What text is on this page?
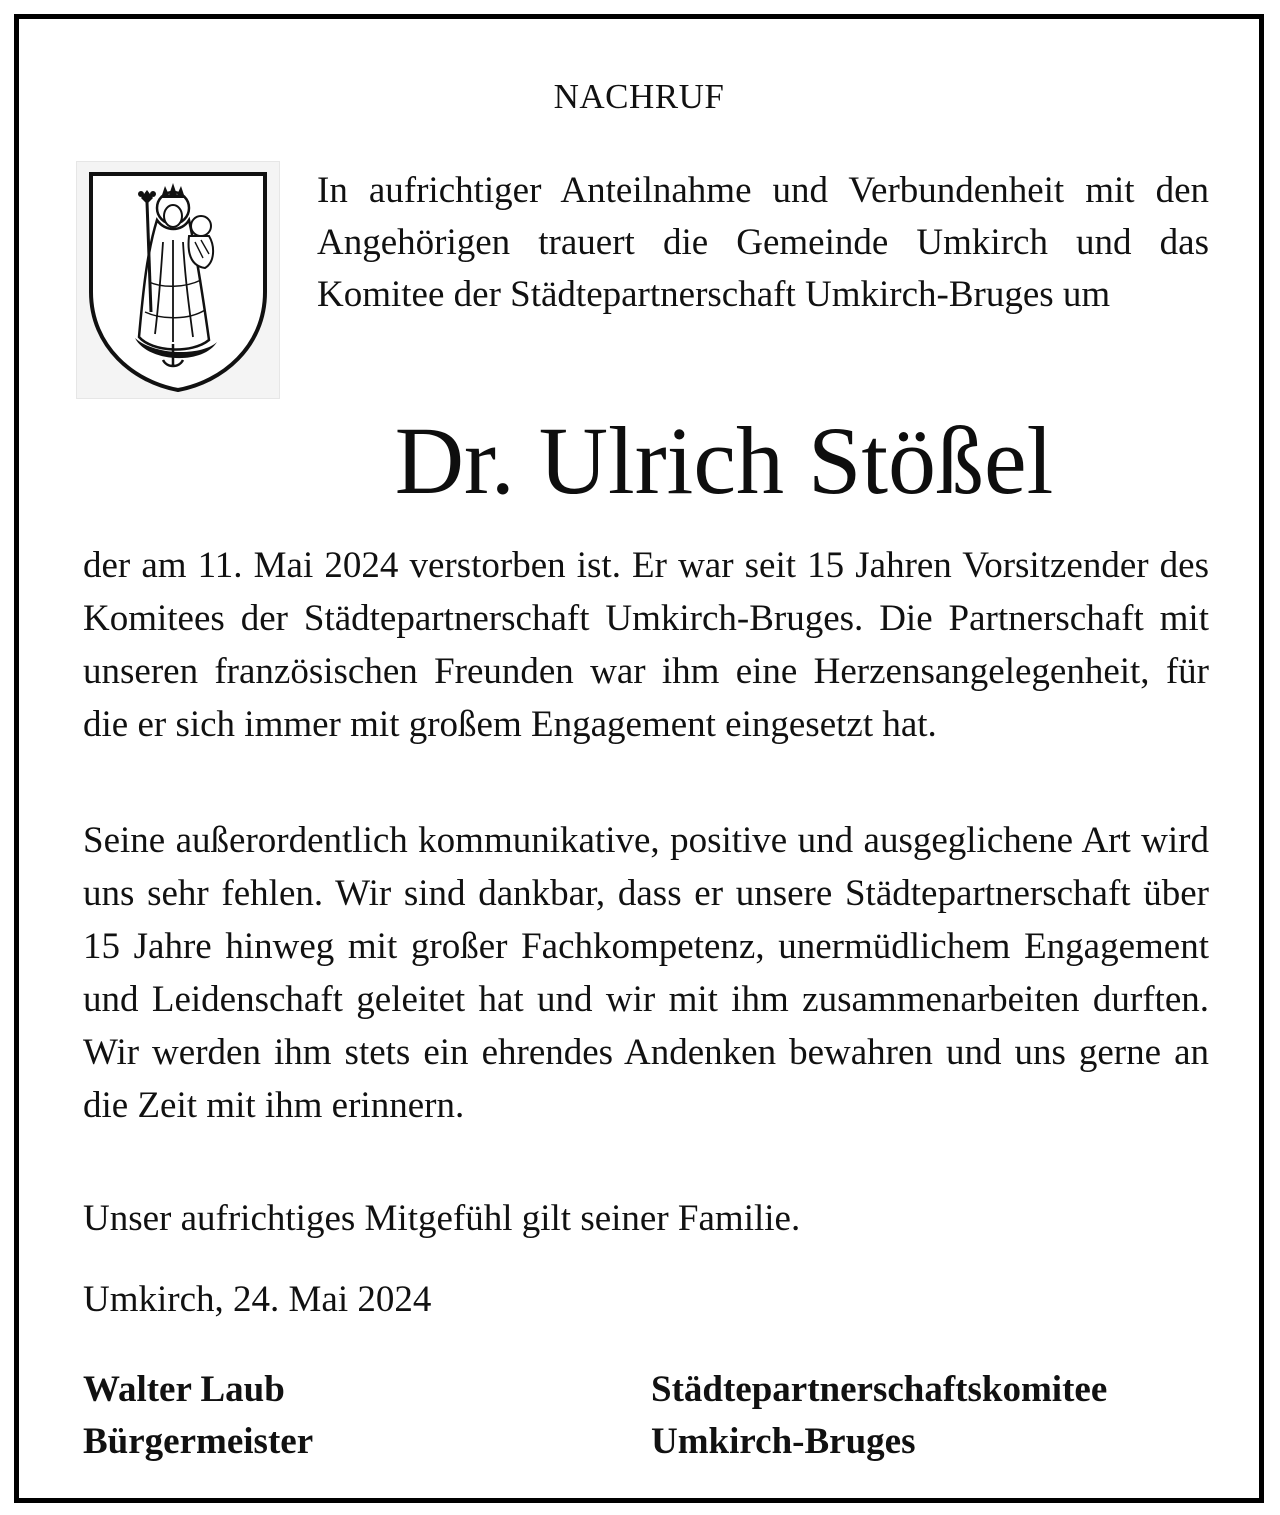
NACHRUF

In aufrichtiger Anteilnahme und Verbundenheit mit den Angehörigen trauert die Gemeinde Umkirch und das Komitee der Städtepartnerschaft Umkirch-Bruges um

Dr. Ulrich Stößel

der am 11. Mai 2024 verstorben ist. Er war seit 15 Jahren Vorsitzender des Komitees der Städtepartnerschaft Umkirch-Bruges. Die Partnerschaft mit unseren französischen Freunden war ihm eine Herzensangelegenheit, für die er sich immer mit großem Engagement eingesetzt hat.

Seine außerordentlich kommunikative, positive und ausgeglichene Art wird uns sehr fehlen. Wir sind dankbar, dass er unsere Städtepartnerschaft über 15 Jahre hinweg mit großer Fachkompetenz, unermüdlichem Engagement und Leidenschaft geleitet hat und wir mit ihm zusammenarbeiten durften. Wir werden ihm stets ein ehrendes Andenken bewahren und uns gerne an die Zeit mit ihm erinnern.

Unser aufrichtiges Mitgefühl gilt seiner Familie.

Umkirch, 24. Mai 2024

Walter Laub
Bürgermeister
Städtepartnerschaftskomitee
Umkirch-Bruges
